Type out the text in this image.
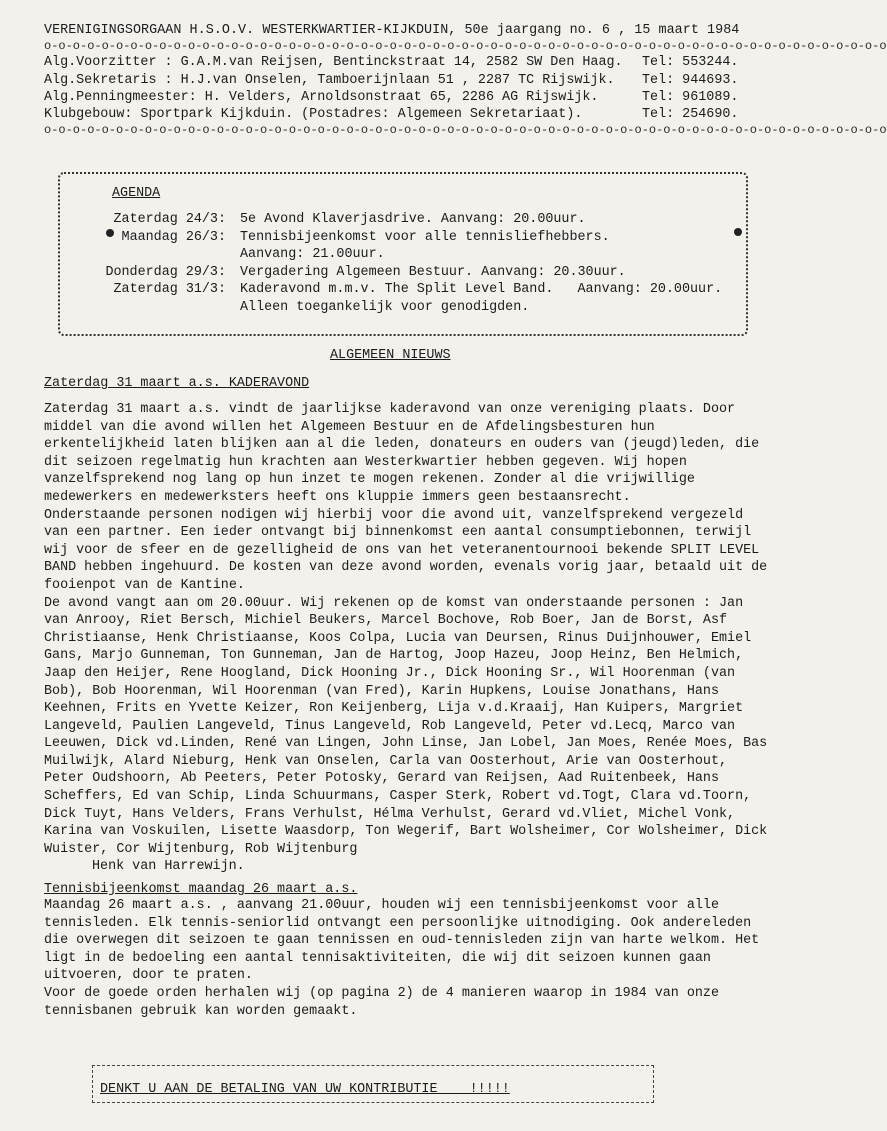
VERENIGINGSORGAAN H.S.O.V. WESTERKWARTIER-KIJKDUIN, 50e jaargang no. 6 , 15 maart 1984
o-o-o-o-o-o-o-o-o-o-o-o-o-o-o-o-o-o-o-o-o-o-o-o-o-o-o-o-o-o-o-o-o-o-o-o-o-o-o-o-o-o-o-o-o-o-o-o-o-o-o-o-o-o-o-o-o-o-o
Alg.Voorzitter : G.A.M.van Reijsen, Bentinckstraat 14, 2582 SW Den Haag.	Tel: 553244.
Alg.Sekretaris : H.J.van Onselen, Tamboerijnlaan 51 , 2287 TC Rijswijk.	Tel: 944693.
Alg.Penningmeester: H. Velders, Arnoldsonstraat 65, 2286 AG Rijswijk.	Tel: 961089.
Klubgebouw: Sportpark Kijkduin. (Postadres: Algemeen Sekretariaat).	Tel: 254690.
o-o-o-o-o-o-o-o-o-o-o-o-o-o-o-o-o-o-o-o-o-o-o-o-o-o-o-o-o-o-o-o-o-o-o-o-o-o-o-o-o-o-o-o-o-o-o-o-o-o-o-o-o-o-o-o-o-o-o
AGENDA
Zaterdag 24/3:	5e Avond Klaverjasdrive. Aanvang: 20.00uur.
Maandag 26/3:	Tennisbijeenkomst voor alle tennisliefhebbers.
Aanvang: 21.00uur.
Donderdag 29/3:	Vergadering Algemeen Bestuur. Aanvang: 20.30uur.
Zaterdag 31/3:	Kaderavond m.m.v. The Split Level Band.   Aanvang: 20.00uur.
Alleen toegankelijk voor genodigden.
ALGEMEEN NIEUWS
Zaterdag 31 maart a.s. KADERAVOND

Zaterdag 31 maart a.s. vindt de jaarlijkse kaderavond van onze vereniging plaats. Door middel van die avond willen het Algemeen Bestuur en de Afdelingsbesturen hun erkentelijkheid laten blijken aan al die leden, donateurs en ouders van (jeugd)leden, die dit seizoen regelmatig hun krachten aan Westerkwartier hebben gegeven. Wij hopen vanzelfsprekend nog lang op hun inzet te mogen rekenen. Zonder al die vrijwillige medewerkers en medewerksters heeft ons kluppie immers geen bestaansrecht.

Onderstaande personen nodigen wij hierbij voor die avond uit, vanzelfsprekend vergezeld van een partner. Een ieder ontvangt bij binnenkomst een aantal consumptiebonnen, terwijl wij voor de sfeer en de gezelligheid de ons van het veteranentournooi bekende SPLIT LEVEL BAND hebben ingehuurd. De kosten van deze avond worden, evenals vorig jaar, betaald uit de fooienpot van de Kantine.

De avond vangt aan om 20.00uur. Wij rekenen op de komst van onderstaande personen : Jan van Anrooy, Riet Bersch, Michiel Beukers, Marcel Bochove, Rob Boer, Jan de Borst, Asf Christiaanse, Henk Christiaanse, Koos Colpa, Lucia van Deursen, Rinus Duijnhouwer, Emiel Gans, Marjo Gunneman, Ton Gunneman, Jan de Hartog, Joop Hazeu, Joop Heinz, Ben Helmich, Jaap den Heijer, Rene Hoogland, Dick Hooning Jr., Dick Hooning Sr., Wil Hoorenman (van Bob), Bob Hoorenman, Wil Hoorenman (van Fred), Karin Hupkens, Louise Jonathans, Hans Keehnen, Frits en Yvette Keizer, Ron Keijenberg, Lija v.d.Kraaij, Han Kuipers, Margriet Langeveld, Paulien Langeveld, Tinus Langeveld, Rob Langeveld, Peter vd.Lecq, Marco van Leeuwen, Dick vd.Linden, René van Lingen, John Linse, Jan Lobel, Jan Moes, Renée Moes, Bas Muilwijk, Alard Nieburg, Henk van Onselen, Carla van Oosterhout, Arie van Oosterhout, Peter Oudshoorn, Ab Peeters, Peter Potosky, Gerard van Reijsen, Aad Ruitenbeek, Hans Scheffers, Ed van Schip, Linda Schuurmans, Casper Sterk, Robert vd.Togt, Clara vd.Toorn, Dick Tuyt, Hans Velders, Frans Verhulst, Hélma Verhulst, Gerard vd.Vliet, Michel Vonk, Karina van Voskuilen, Lisette Waasdorp, Ton Wegerif, Bart Wolsheimer, Cor Wolsheimer, Dick Wuister, Cor Wijtenburg, Rob Wijtenburg

Henk van Harrewijn.

Tennisbijeenkomst maandag 26 maart a.s.

Maandag 26 maart a.s. , aanvang 21.00uur, houden wij een tennisbijeenkomst voor alle tennisleden. Elk tennis-seniorlid ontvangt een persoonlijke uitnodiging. Ook andereleden die overwegen dit seizoen te gaan tennissen en oud-tennisleden zijn van harte welkom. Het ligt in de bedoeling een aantal tennisaktiviteiten, die wij dit seizoen kunnen gaan uitvoeren, door te praten.

Voor de goede orden herhalen wij (op pagina 2) de 4 manieren waarop in 1984 van onze tennisbanen gebruik kan worden gemaakt.

DENKT U AAN DE BETALING VAN UW KONTRIBUTIE    !!!!!
